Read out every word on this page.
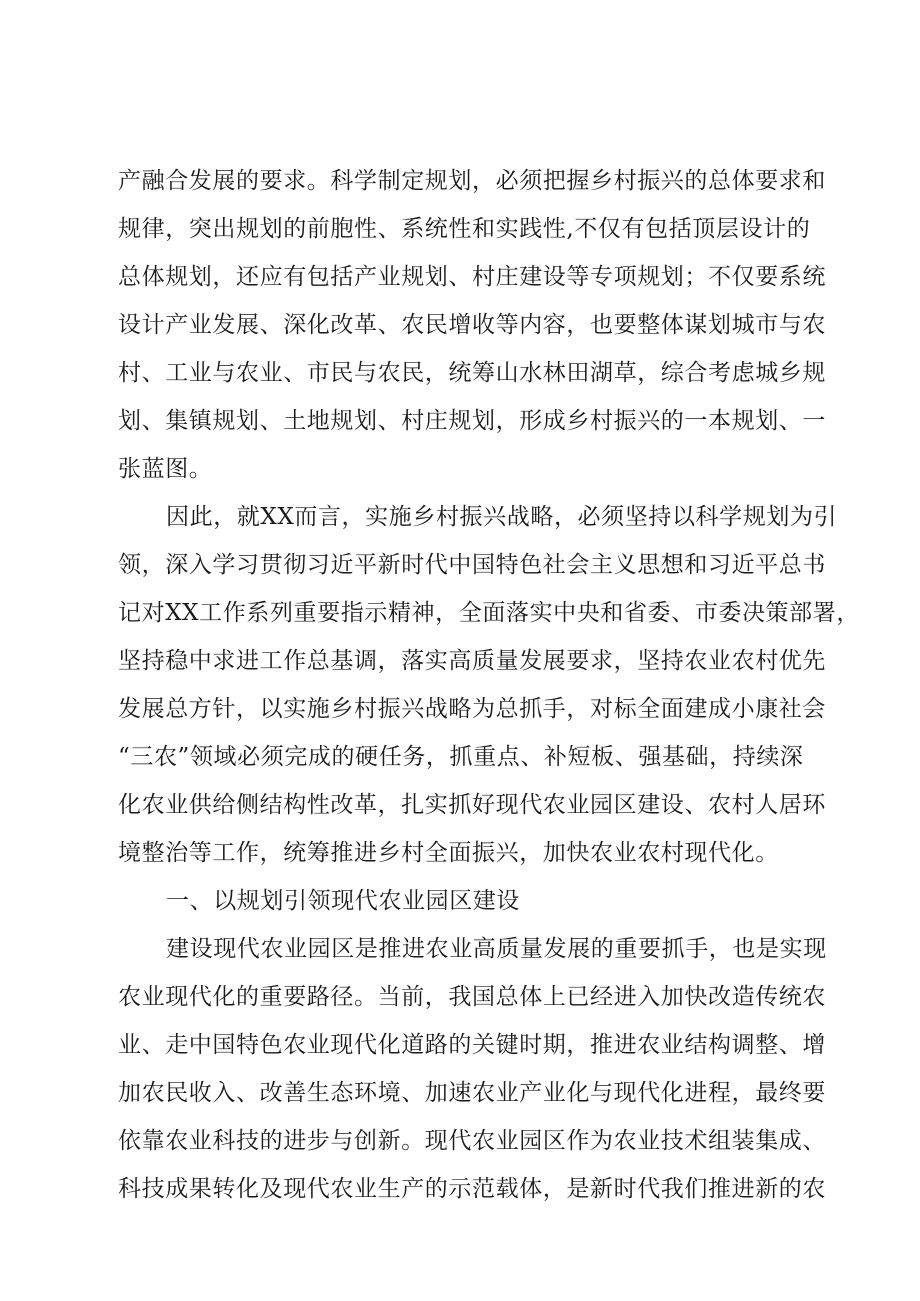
产融合发展的要求。科学制定规划，必须把握乡村振兴的总体要求和

规律，突出规划的前胞性、系统性和实践性,不仅有包括顶层设计的

总体规划，还应有包括产业规划、村庄建设等专项规划；不仅要系统

设计产业发展、深化改革、农民增收等内容，也要整体谋划城市与农

村、工业与农业、市民与农民，统筹山水林田湖草，综合考虑城乡规

划、集镇规划、土地规划、村庄规划，形成乡村振兴的一本规划、一

张蓝图。

因此，就XX而言，实施乡村振兴战略，必须坚持以科学规划为引

领，深入学习贯彻习近平新时代中国特色社会主义思想和习近平总书

记对XX工作系列重要指示精神，全面落实中央和省委、市委决策部署，

坚持稳中求进工作总基调，落实高质量发展要求，坚持农业农村优先

发展总方针，以实施乡村振兴战略为总抓手，对标全面建成小康社会

“三农”领域必须完成的硬任务，抓重点、补短板、强基础，持续深

化农业供给侧结构性改革，扎实抓好现代农业园区建设、农村人居环

境整治等工作，统筹推进乡村全面振兴，加快农业农村现代化。

一、以规划引领现代农业园区建设

建设现代农业园区是推进农业高质量发展的重要抓手，也是实现

农业现代化的重要路径。当前，我国总体上已经进入加快改造传统农

业、走中国特色农业现代化道路的关键时期，推进农业结构调整、增

加农民收入、改善生态环境、加速农业产业化与现代化进程，最终要

依靠农业科技的进步与创新。现代农业园区作为农业技术组装集成、

科技成果转化及现代农业生产的示范载体，是新时代我们推进新的农
